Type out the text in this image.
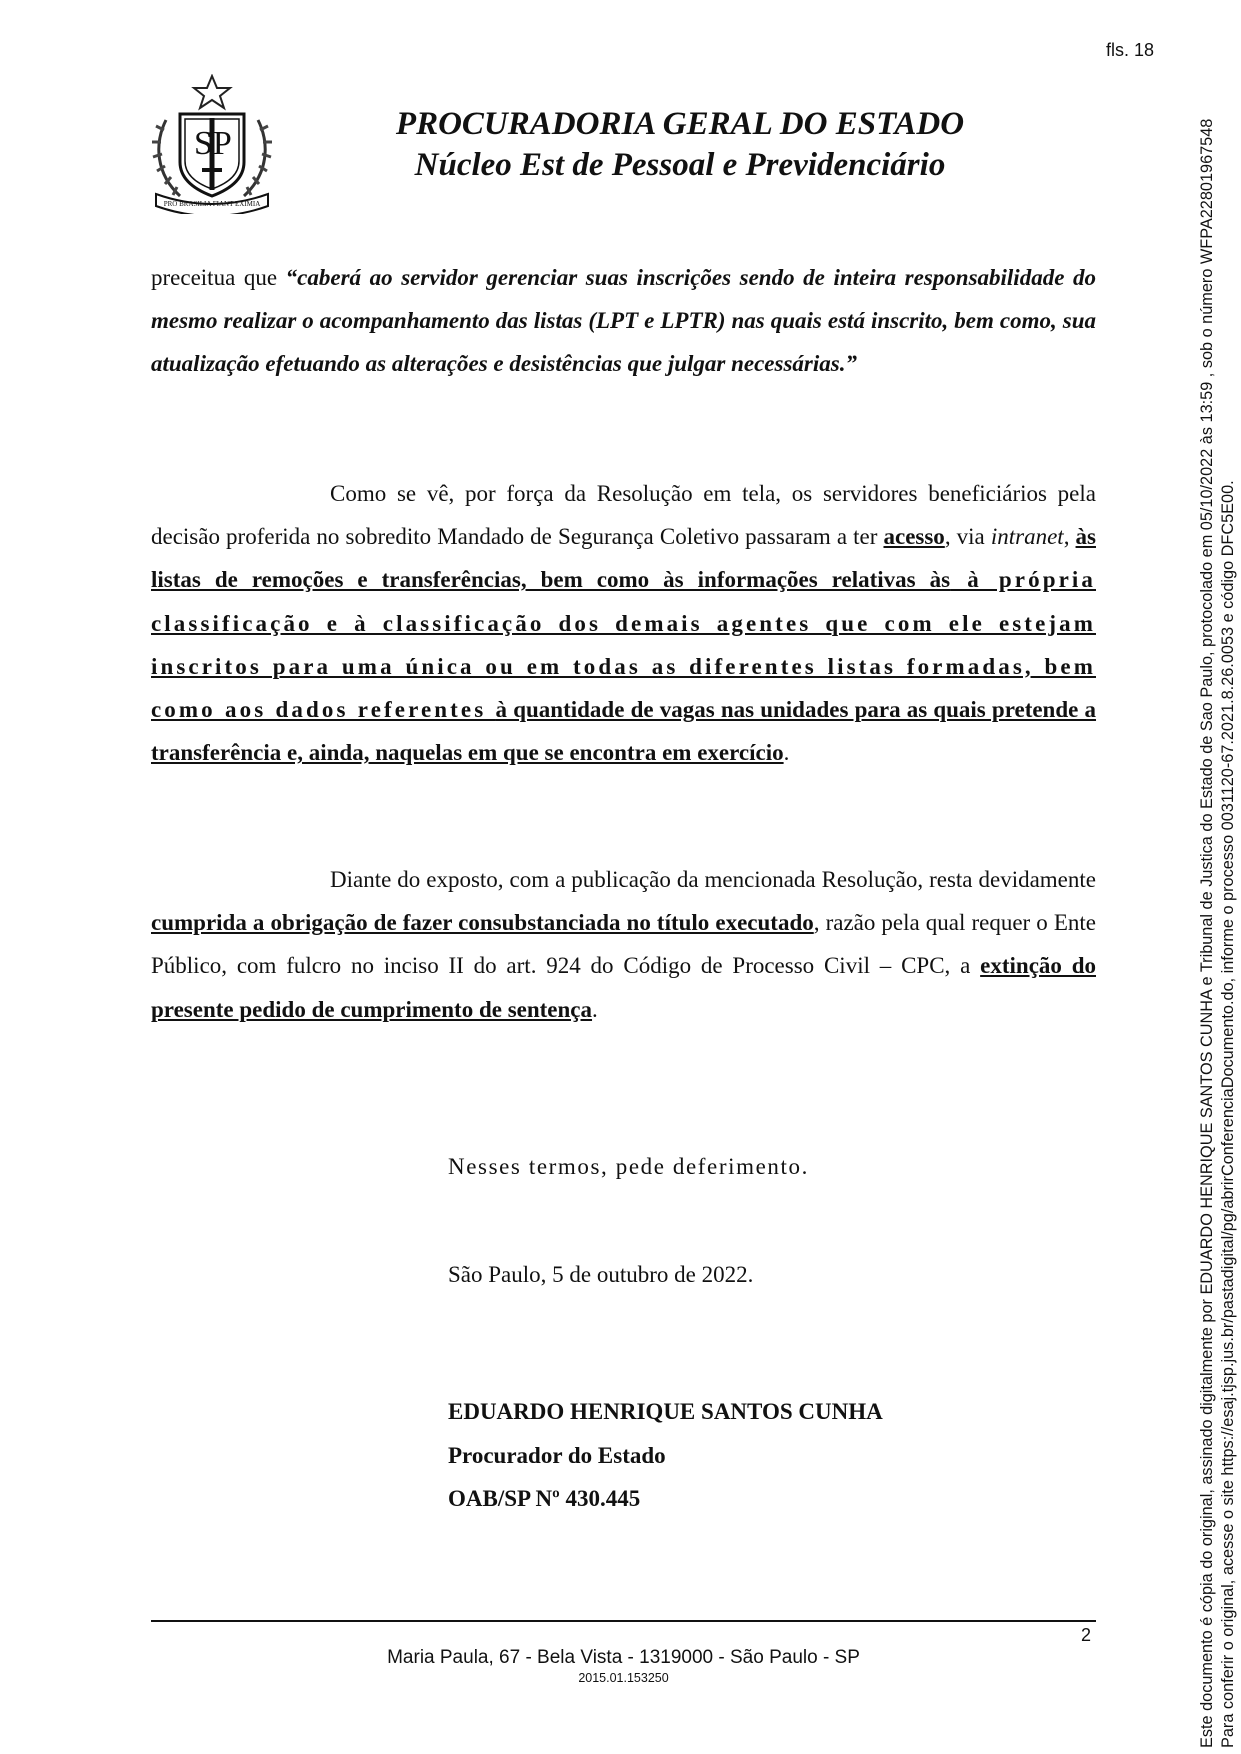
fls. 18
SP
PRO BRASILIA FIANT EXIMIA
PROCURADORIA GERAL DO ESTADO
Núcleo Est de Pessoal e Previdenciário
preceitua que “caberá ao servidor gerenciar suas inscrições sendo de inteira responsabilidade do mesmo realizar o acompanhamento das listas (LPT e LPTR) nas quais está inscrito, bem como, sua atualização efetuando as alterações e desistências que julgar necessárias.”
Como se vê, por força da Resolução em tela, os servidores beneficiários pela decisão proferida no sobredito Mandado de Segurança Coletivo passaram a ter acesso, via intranet, às listas de remoções e transferências, bem como às informações relativas às à própria classificação e à classificação dos demais agentes que com ele estejam inscritos para uma única ou em todas as diferentes listas formadas, bem como aos dados referentes à quantidade de vagas nas unidades para as quais pretende a transferência e, ainda, naquelas em que se encontra em exercício.
Diante do exposto, com a publicação da mencionada Resolução, resta devidamente cumprida a obrigação de fazer consubstanciada no título executado, razão pela qual requer o Ente Público, com fulcro no inciso II do art. 924 do Código de Processo Civil – CPC, a extinção do presente pedido de cumprimento de sentença.
Nesses termos, pede deferimento.
São Paulo, 5 de outubro de 2022.
EDUARDO HENRIQUE SANTOS CUNHA
Procurador do Estado
OAB/SP Nº 430.445
2
Maria Paula, 67 - Bela Vista - 1319000 - São Paulo - SP
2015.01.153250	Este documento é cópia do original, assinado digitalmente por EDUARDO HENRIQUE SANTOS CUNHA e Tribunal de Justica do Estado de Sao Paulo, protocolado em 05/10/2022 às 13:59 , sob o número WFPA22801967548 Para conferir o original, acesse o site https://esaj.tjsp.jus.br/pastadigital/pg/abrirConferenciaDocumento.do, informe o processo 0031120-67.2021.8.26.0053 e código DFC5E00.
